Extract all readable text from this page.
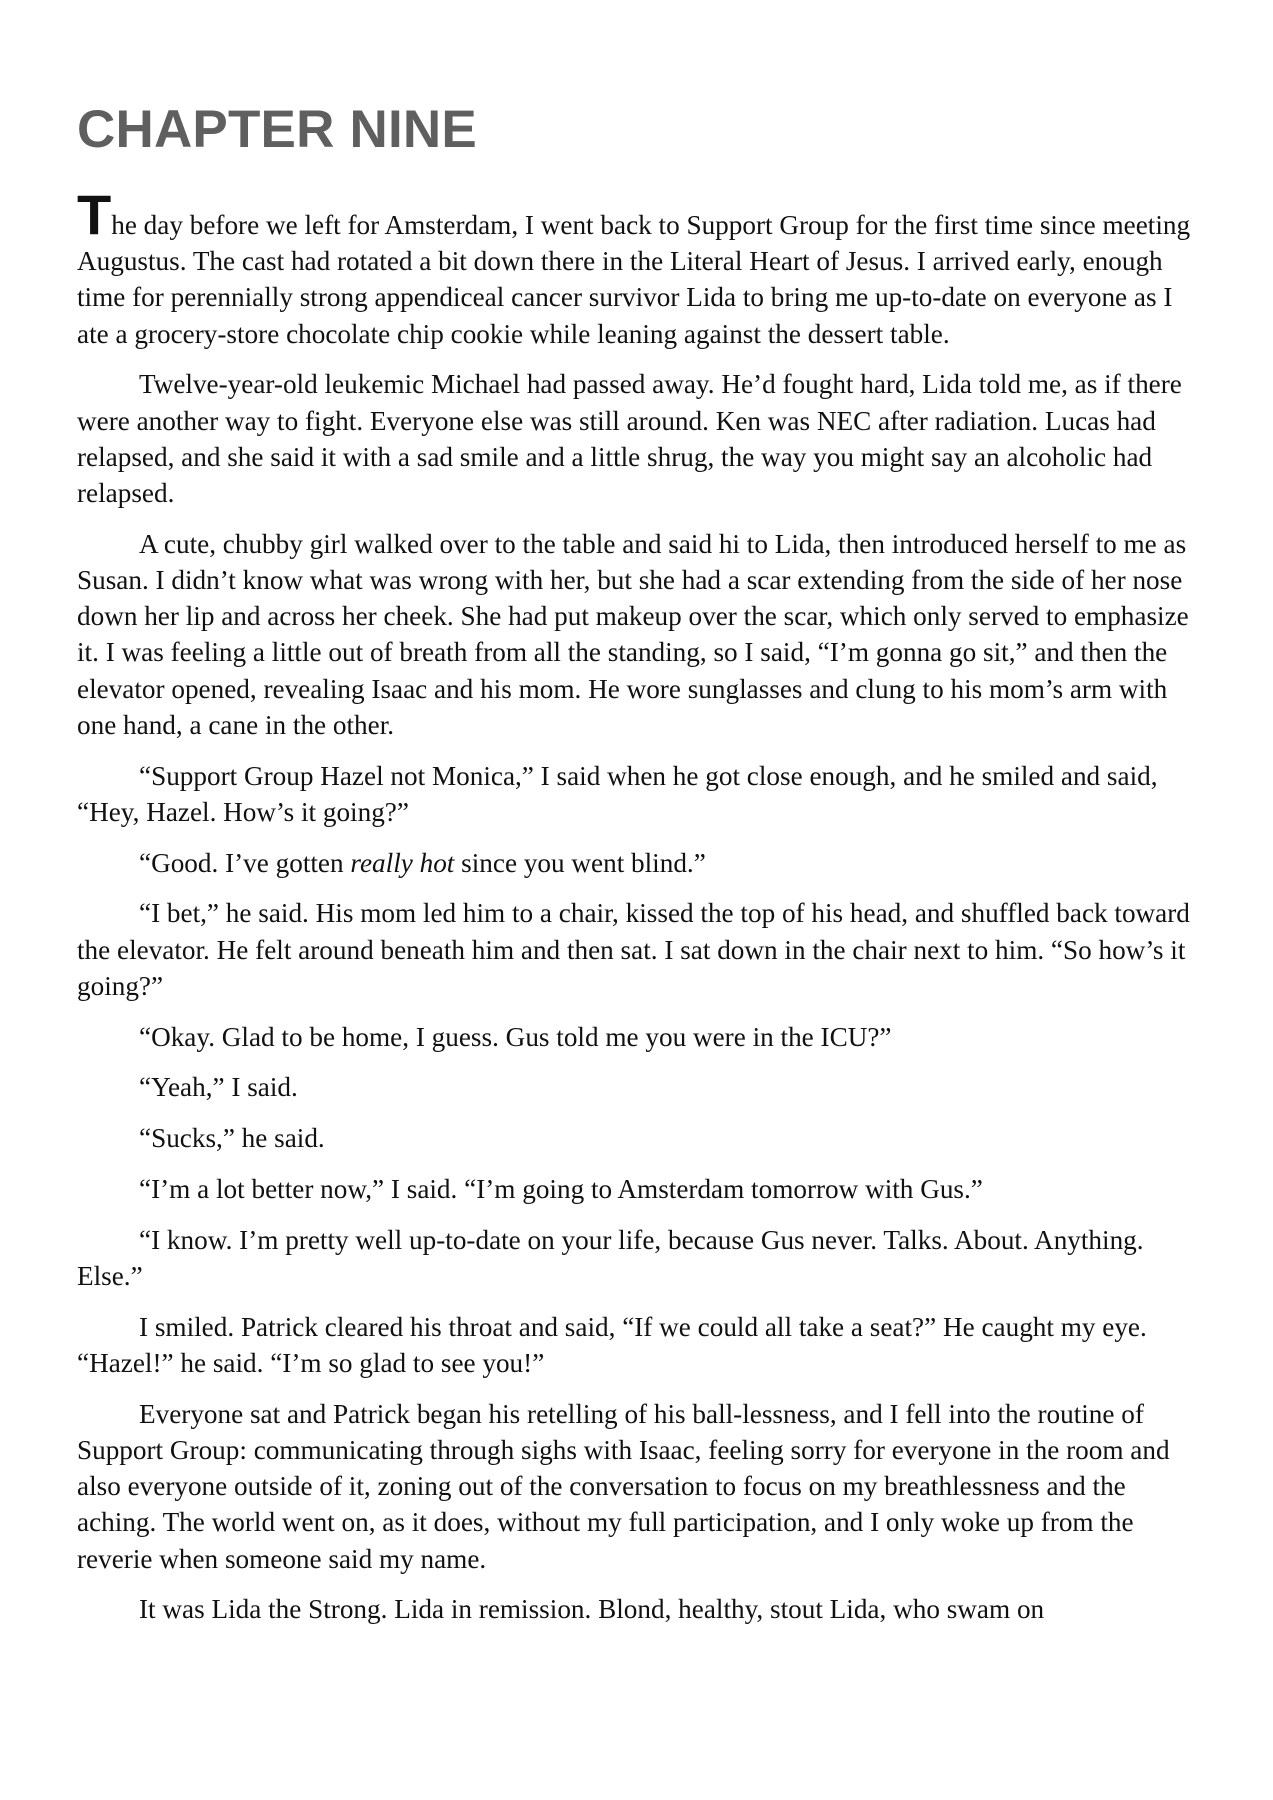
CHAPTER NINE

The day before we left for Amsterdam, I went back to Support Group for the first time since meeting Augustus. The cast had rotated a bit down there in the Literal Heart of Jesus. I arrived early, enough time for perennially strong appendiceal cancer survivor Lida to bring me up-to-date on everyone as I ate a grocery-store chocolate chip cookie while leaning against the dessert table.

Twelve-year-old leukemic Michael had passed away. He’d fought hard, Lida told me, as if there were another way to fight. Everyone else was still around. Ken was NEC after radiation. Lucas had relapsed, and she said it with a sad smile and a little shrug, the way you might say an alcoholic had relapsed.

A cute, chubby girl walked over to the table and said hi to Lida, then introduced herself to me as Susan. I didn’t know what was wrong with her, but she had a scar extending from the side of her nose down her lip and across her cheek. She had put makeup over the scar, which only served to emphasize it. I was feeling a little out of breath from all the standing, so I said, “I’m gonna go sit,” and then the elevator opened, revealing Isaac and his mom. He wore sunglasses and clung to his mom’s arm with one hand, a cane in the other.

“Support Group Hazel not Monica,” I said when he got close enough, and he smiled and said, “Hey, Hazel. How’s it going?”

“Good. I’ve gotten really hot since you went blind.”

“I bet,” he said. His mom led him to a chair, kissed the top of his head, and shuffled back toward the elevator. He felt around beneath him and then sat. I sat down in the chair next to him. “So how’s it going?”

“Okay. Glad to be home, I guess. Gus told me you were in the ICU?”

“Yeah,” I said.

“Sucks,” he said.

“I’m a lot better now,” I said. “I’m going to Amsterdam tomorrow with Gus.”

“I know. I’m pretty well up-to-date on your life, because Gus never. Talks. About. Anything. Else.”

I smiled. Patrick cleared his throat and said, “If we could all take a seat?” He caught my eye. “Hazel!” he said. “I’m so glad to see you!”

Everyone sat and Patrick began his retelling of his ball-lessness, and I fell into the routine of Support Group: communicating through sighs with Isaac, feeling sorry for everyone in the room and also everyone outside of it, zoning out of the conversation to focus on my breathlessness and the aching. The world went on, as it does, without my full participation, and I only woke up from the reverie when someone said my name.

It was Lida the Strong. Lida in remission. Blond, healthy, stout Lida, who swam on
